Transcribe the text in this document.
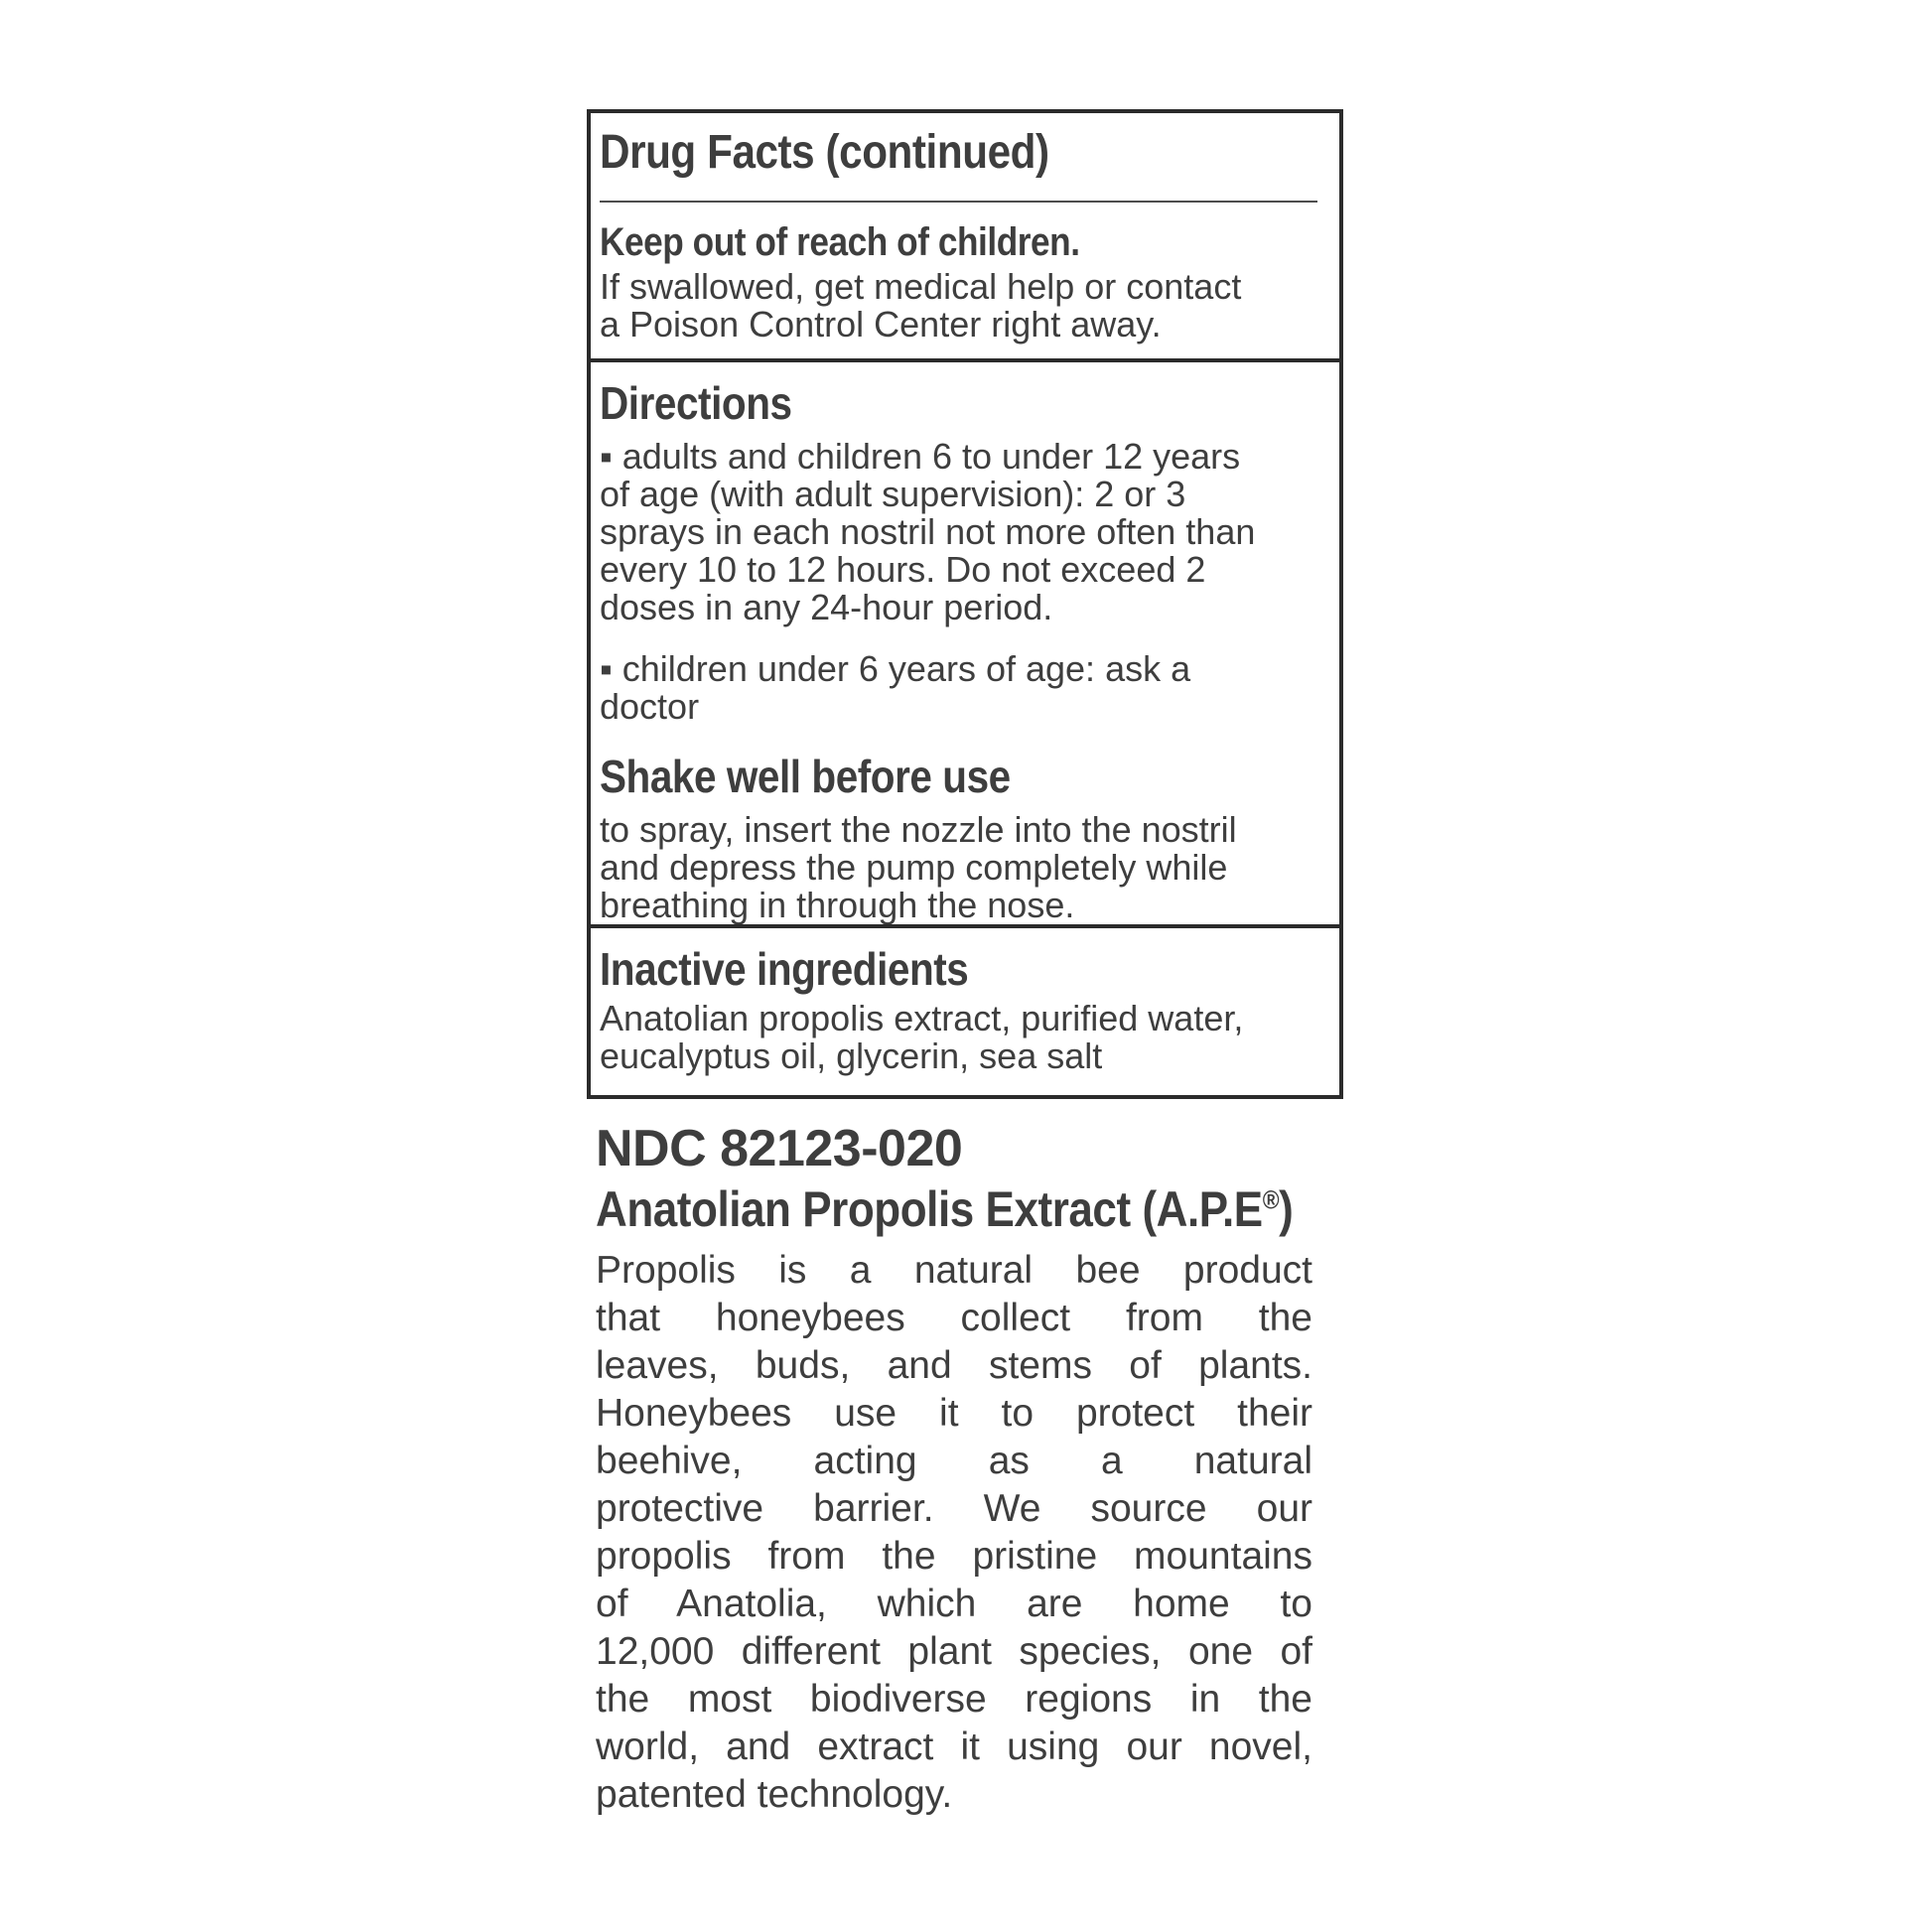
Drug Facts (continued)
Keep out of reach of children.
If swallowed, get medical help or contact
a Poison Control Center right away.
Directions
▪ adults and children 6 to under 12 years
of age (with adult supervision): 2 or 3
sprays in each nostril not more often than
every 10 to 12 hours. Do not exceed 2
doses in any 24-hour period.
▪ children under 6 years of age: ask a
doctor
Shake well before use
to spray, insert the nozzle into the nostril
and depress the pump completely while
breathing in through the nose.
Inactive ingredients
Anatolian propolis extract, purified water,
eucalyptus oil, glycerin, sea salt
NDC 82123-020
Anatolian Propolis Extract (A.P.E®)
Propolis is a natural bee product
that honeybees collect from the
leaves, buds, and stems of plants.
Honeybees use it to protect their
beehive, acting as a natural
protective barrier. We source our
propolis from the pristine mountains
of Anatolia, which are home to
12,000 different plant species, one of
the most biodiverse regions in the
world, and extract it using our novel,
patented technology.
